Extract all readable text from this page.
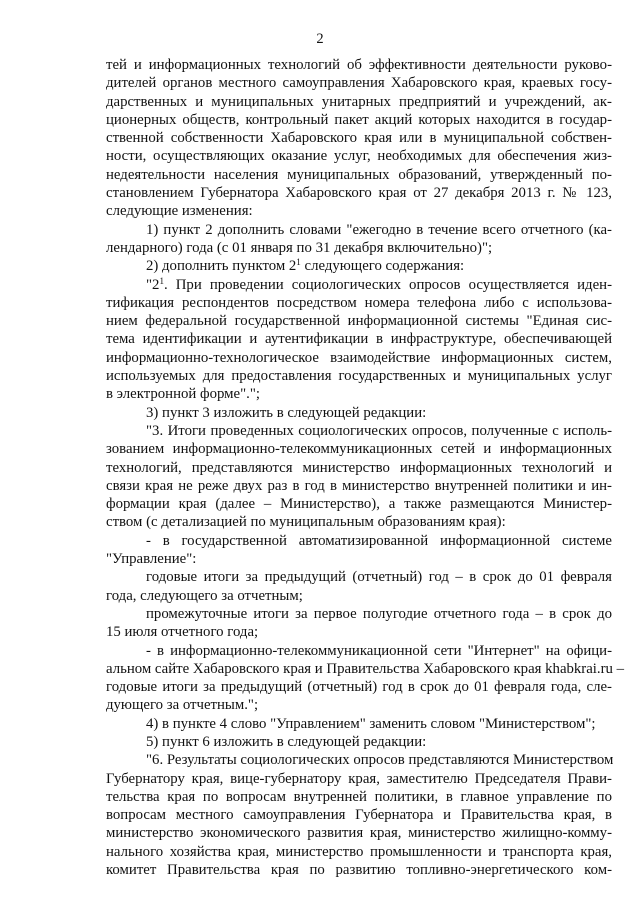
2
тей и информационных технологий об эффективности деятельности руково-
дителей органов местного самоуправления Хабаровского края, краевых госу-
дарственных и муниципальных унитарных предприятий и учреждений, ак-
ционерных обществ, контрольный пакет акций которых находится в государ-
ственной собственности Хабаровского края или в муниципальной собствен-
ности, осуществляющих оказание услуг, необходимых для обеспечения жиз-
недеятельности населения муниципальных образований, утвержденный по-
становлением Губернатора Хабаровского края от 27 декабря 2013 г. № 123,
следующие изменения:
1) пункт 2 дополнить словами "ежегодно в течение всего отчетного (ка-
лендарного) года (с 01 января по 31 декабря включительно)";
2) дополнить пунктом $2^1$ следующего содержания:
"$2^1$. При проведении социологических опросов осуществляется иден-
тификация респондентов посредством номера телефона либо с использова-
нием федеральной государственной информационной системы "Единая сис-
тема идентификации и аутентификации в инфраструктуре, обеспечивающей
информационно-технологическое взаимодействие информационных систем,
используемых для предоставления государственных и муниципальных услуг
в электронной форме".";
3) пункт 3 изложить в следующей редакции:
"3. Итоги проведенных социологических опросов, полученные с исполь-
зованием информационно-телекоммуникационных сетей и информационных
технологий, представляются министерство информационных технологий и
связи края не реже двух раз в год в министерство внутренней политики и ин-
формации края (далее – Министерство), а также размещаются Министер-
ством (с детализацией по муниципальным образованиям края):
- в государственной автоматизированной информационной системе
"Управление":
годовые итоги за предыдущий (отчетный) год – в срок до 01 февраля
года, следующего за отчетным;
промежуточные итоги за первое полугодие отчетного года – в срок до
15 июля отчетного года;
- в информационно-телекоммуникационной сети "Интернет" на офици-
альном сайте Хабаровского края и Правительства Хабаровского края khabkrai.ru –
годовые итоги за предыдущий (отчетный) год в срок до 01 февраля года, сле-
дующего за отчетным.";
4) в пункте 4 слово "Управлением" заменить словом "Министерством";
5) пункт 6 изложить в следующей редакции:
"6. Результаты социологических опросов представляются Министерством
Губернатору края, вице-губернатору края, заместителю Председателя Прави-
тельства края по вопросам внутренней политики, в главное управление по
вопросам местного самоуправления Губернатора и Правительства края, в
министерство экономического развития края, министерство жилищно-комму-
нального хозяйства края, министерство промышленности и транспорта края,
комитет Правительства края по развитию топливно-энергетического ком-
